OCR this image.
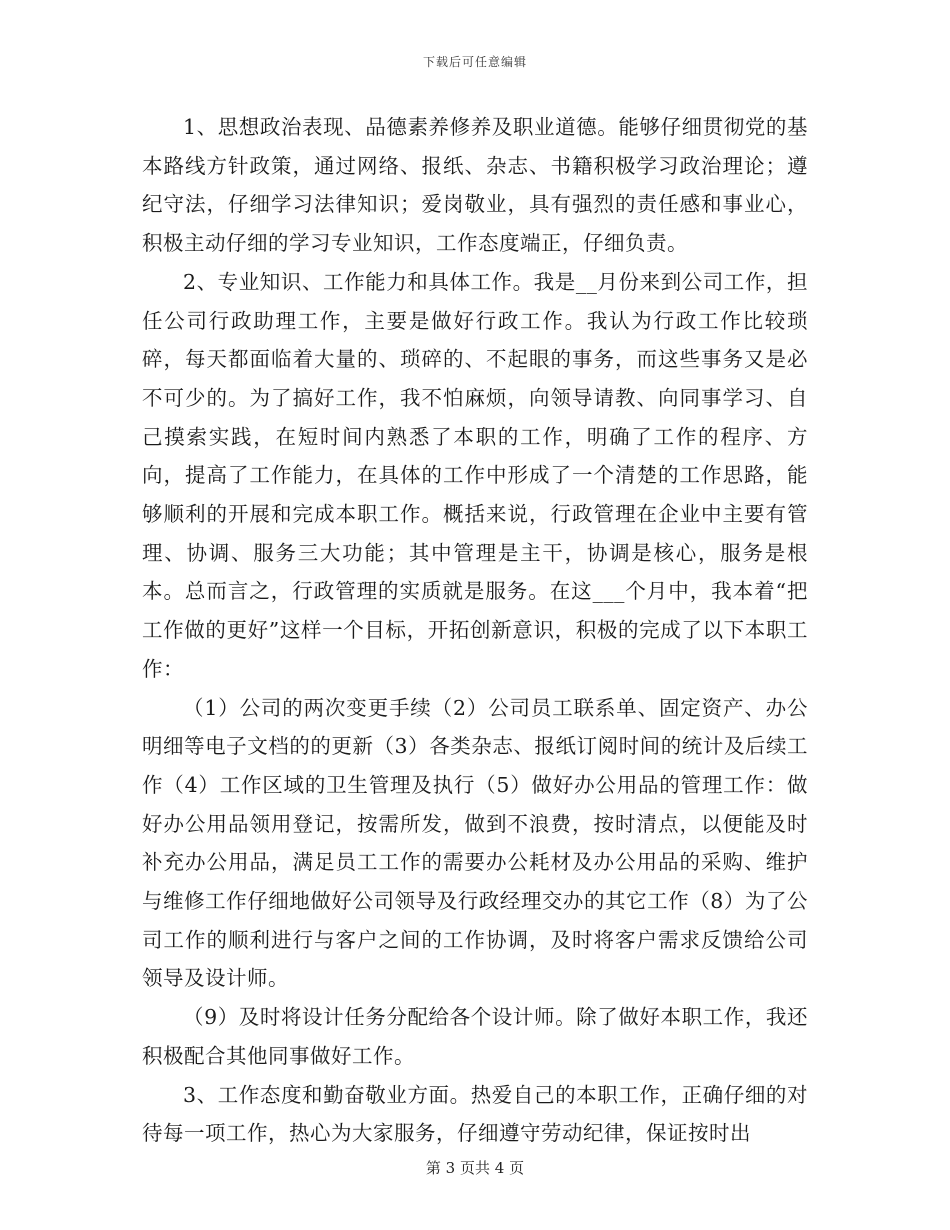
下载后可任意编辑

1、思想政治表现、品德素养修养及职业道德。能够仔细贯彻党的基本路线方针政策，通过网络、报纸、杂志、书籍积极学习政治理论；遵纪守法，仔细学习法律知识；爱岗敬业，具有强烈的责任感和事业心，积极主动仔细的学习专业知识，工作态度端正，仔细负责。

2、专业知识、工作能力和具体工作。我是__月份来到公司工作，担任公司行政助理工作，主要是做好行政工作。我认为行政工作比较琐碎，每天都面临着大量的、琐碎的、不起眼的事务，而这些事务又是必不可少的。为了搞好工作，我不怕麻烦，向领导请教、向同事学习、自己摸索实践，在短时间内熟悉了本职的工作，明确了工作的程序、方向，提高了工作能力，在具体的工作中形成了一个清楚的工作思路，能够顺利的开展和完成本职工作。概括来说，行政管理在企业中主要有管理、协调、服务三大功能；其中管理是主干，协调是核心，服务是根本。总而言之，行政管理的实质就是服务。在这___个月中，我本着“把工作做的更好”这样一个目标，开拓创新意识，积极的完成了以下本职工作：

（1）公司的两次变更手续（2）公司员工联系单、固定资产、办公明细等电子文档的的更新（3）各类杂志、报纸订阅时间的统计及后续工作（4）工作区域的卫生管理及执行（5）做好办公用品的管理工作：做好办公用品领用登记，按需所发，做到不浪费，按时清点，以便能及时补充办公用品，满足员工工作的需要办公耗材及办公用品的采购、维护与维修工作仔细地做好公司领导及行政经理交办的其它工作（8）为了公司工作的顺利进行与客户之间的工作协调，及时将客户需求反馈给公司领导及设计师。

（9）及时将设计任务分配给各个设计师。除了做好本职工作，我还积极配合其他同事做好工作。

3、工作态度和勤奋敬业方面。热爱自己的本职工作，正确仔细的对待每一项工作，热心为大家服务，仔细遵守劳动纪律，保证按时出

第 3 页共 4 页
